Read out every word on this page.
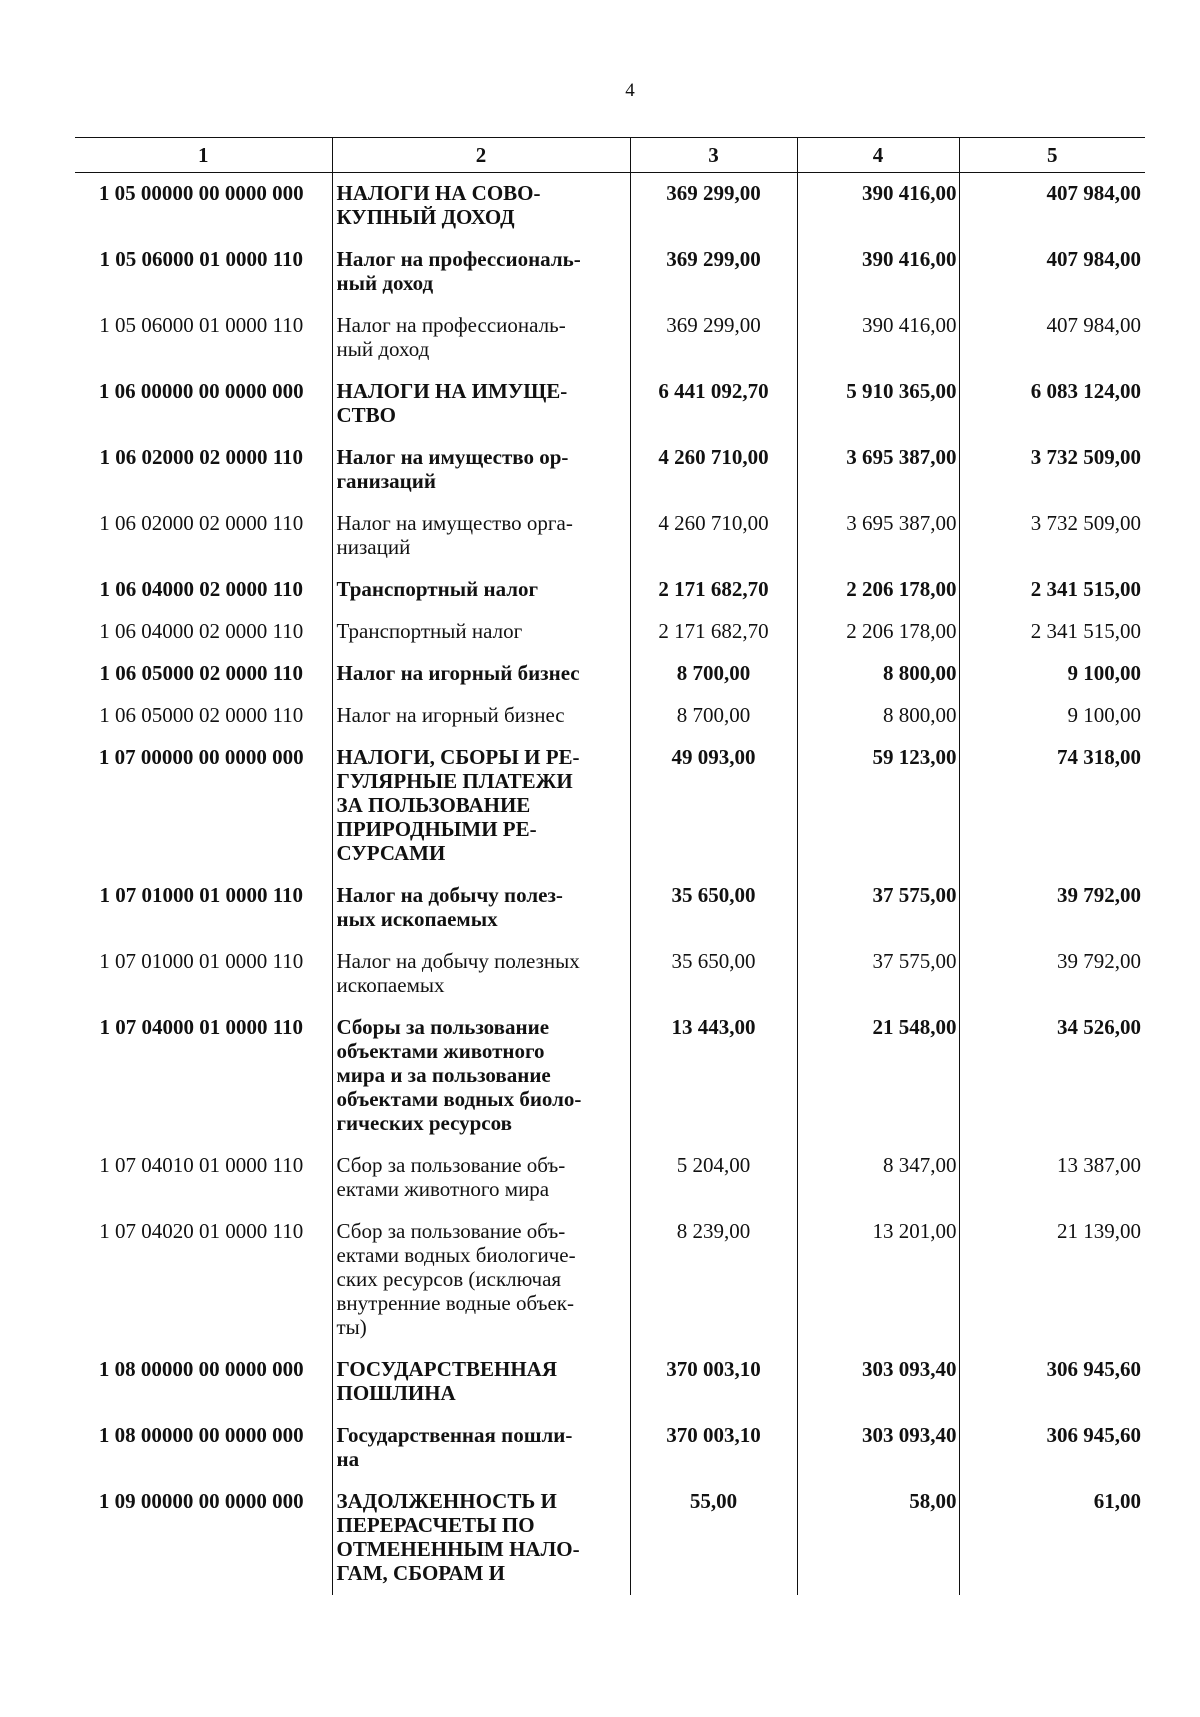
4
1	2	3	4	5
1 05 00000 00 0000 000	НАЛОГИ НА СОВО-
КУПНЫЙ ДОХОД	369 299,00	390 416,00	407 984,00
1 05 06000 01 0000 110	Налог на профессиональ-
ный доход	369 299,00	390 416,00	407 984,00
1 05 06000 01 0000 110	Налог на профессиональ-
ный доход	369 299,00	390 416,00	407 984,00
1 06 00000 00 0000 000	НАЛОГИ НА ИМУЩЕ-
СТВО	6 441 092,70	5 910 365,00	6 083 124,00
1 06 02000 02 0000 110	Налог на имущество ор-
ганизаций	4 260 710,00	3 695 387,00	3 732 509,00
1 06 02000 02 0000 110	Налог на имущество орга-
низаций	4 260 710,00	3 695 387,00	3 732 509,00
1 06 04000 02 0000 110	Транспортный налог	2 171 682,70	2 206 178,00	2 341 515,00
1 06 04000 02 0000 110	Транспортный налог	2 171 682,70	2 206 178,00	2 341 515,00
1 06 05000 02 0000 110	Налог на игорный бизнес	8 700,00	8 800,00	9 100,00
1 06 05000 02 0000 110	Налог на игорный бизнес	8 700,00	8 800,00	9 100,00
1 07 00000 00 0000 000	НАЛОГИ, СБОРЫ И РЕ-
ГУЛЯРНЫЕ ПЛАТЕЖИ
ЗА ПОЛЬЗОВАНИЕ
ПРИРОДНЫМИ РЕ-
СУРСАМИ	49 093,00	59 123,00	74 318,00
1 07 01000 01 0000 110	Налог на добычу полез-
ных ископаемых	35 650,00	37 575,00	39 792,00
1 07 01000 01 0000 110	Налог на добычу полезных
ископаемых	35 650,00	37 575,00	39 792,00
1 07 04000 01 0000 110	Сборы за пользование
объектами животного
мира и за пользование
объектами водных биоло-
гических ресурсов	13 443,00	21 548,00	34 526,00
1 07 04010 01 0000 110	Сбор за пользование объ-
ектами животного мира	5 204,00	8 347,00	13 387,00
1 07 04020 01 0000 110	Сбор за пользование объ-
ектами водных биологиче-
ских ресурсов (исключая
внутренние водные объек-
ты)	8 239,00	13 201,00	21 139,00
1 08 00000 00 0000 000	ГОСУДАРСТВЕННАЯ
ПОШЛИНА	370 003,10	303 093,40	306 945,60
1 08 00000 00 0000 000	Государственная пошли-
на	370 003,10	303 093,40	306 945,60
1 09 00000 00 0000 000	ЗАДОЛЖЕННОСТЬ И
ПЕРЕРАСЧЕТЫ ПО
ОТМЕНЕННЫМ НАЛО-
ГАМ, СБОРАМ И	55,00	58,00	61,00
